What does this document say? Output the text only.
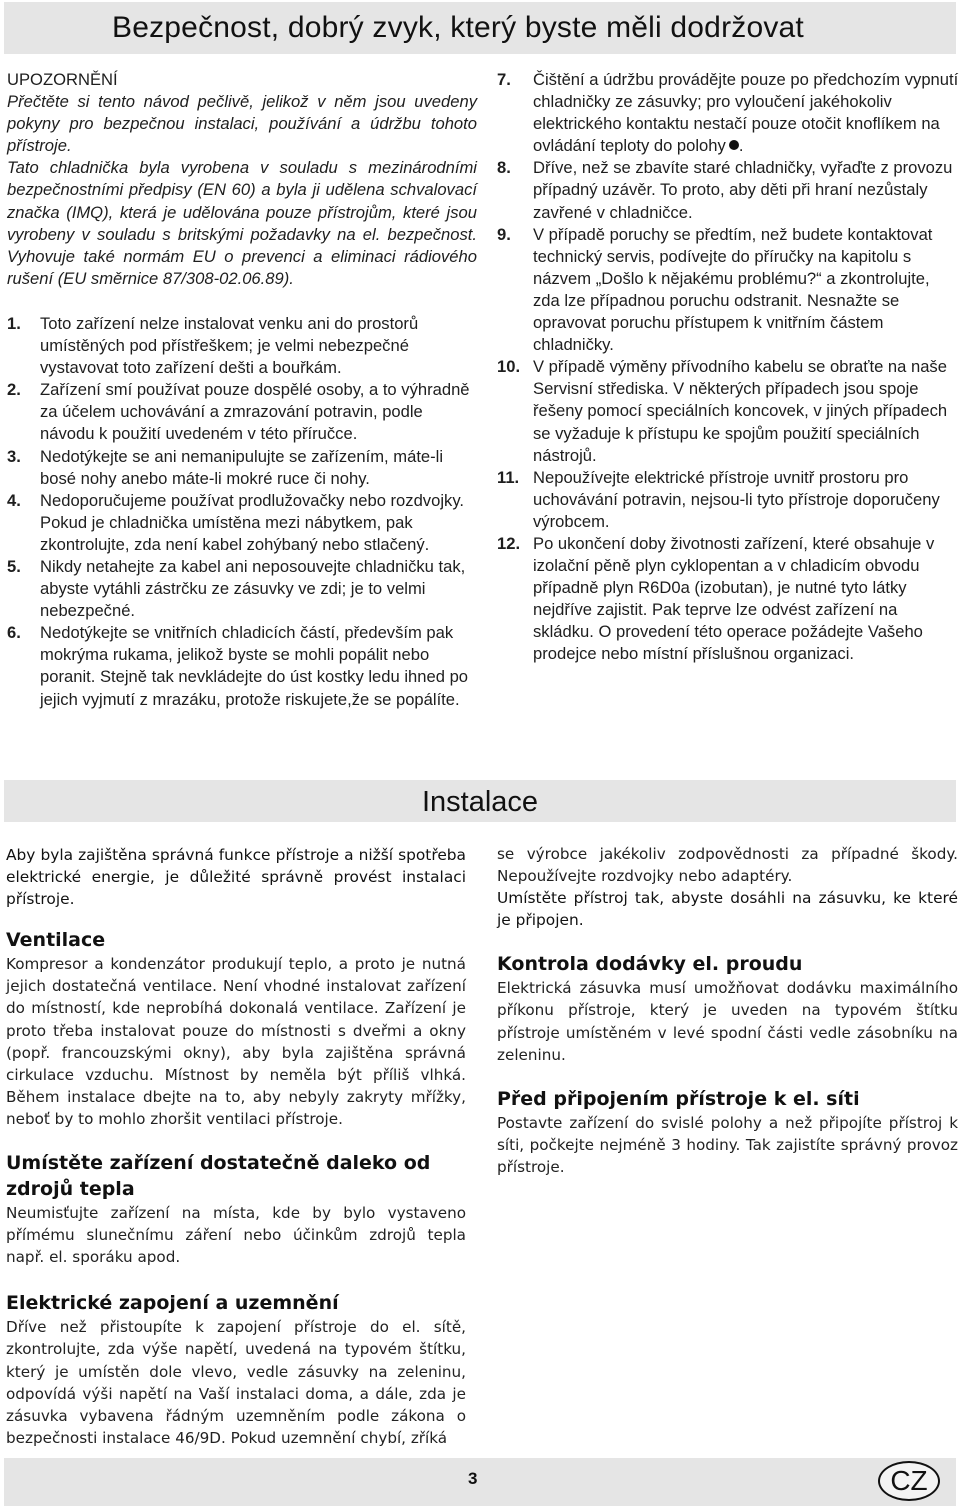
Bezpečnost, dobrý zvyk, který byste měli dodržovat
UPOZORNĚNÍ

Přečtěte si tento návod pečlivě, jelikož v něm jsou uvedeny pokyny pro bezpečnou instalaci, používání a údržbu tohoto přístroje.

Tato chladnička byla vyrobena v souladu s mezinárodními bezpečnostními předpisy (EN 60) a byla ji udělena schvalovací značka (IMQ), která je udělována pouze přístrojům, které jsou vyrobeny v souladu s britskými požadavky na el. bezpečnost. Vyhovuje také normám EU o prevenci a eliminaci rádiového rušení (EU směrnice 87/308-02.06.89).

1. Toto zařízení nelze instalovat venku ani do prostorů umístěných pod přístřeškem; je velmi nebezpečné vystavovat toto zařízení dešti a bouřkám.
2. Zařízení smí používat pouze dospělé osoby, a to výhradně za účelem uchovávání a zmrazování potravin, podle návodu k použití uvedeném v této příručce.
3. Nedotýkejte se ani nemanipulujte se zařízením, máte-li bosé nohy anebo máte-li mokré ruce či nohy.
4. Nedoporučujeme používat prodlužovačky nebo rozdvojky. Pokud je chladnička umístěna mezi nábytkem, pak zkontrolujte, zda není kabel zohýbaný nebo stlačený.
5. Nikdy netahejte za kabel ani neposouvejte chladničku tak, abyste vytáhli zástrčku ze zásuvky ve zdi; je to velmi nebezpečné.
6. Nedotýkejte se vnitřních chladicích částí, především pak mokrýma rukama, jelikož byste se mohli popálit nebo poranit. Stejně tak nevkládejte do úst kostky ledu ihned po jejich vyjmutí z mrazáku, protože riskujete,že se popálíte.
7. Čištění a údržbu provádějte pouze po předchozím vypnutí chladničky ze zásuvky; pro vyloučení jakéhokoliv elektrického kontaktu nestačí pouze otočit knoflíkem na ovládání teploty do polohy .
8. Dříve, než se zbavíte staré chladničky, vyřaďte z provozu případný uzávěr. To proto, aby děti při hraní nezůstaly zavřené v chladničce.
9. V případě poruchy se předtím, než budete kontaktovat technický servis, podívejte do příručky na kapitolu s názvem „Došlo k nějakému problému?“ a zkontrolujte, zda lze případnou poruchu odstranit. Nesnažte se opravovat poruchu přístupem k vnitřním částem chladničky.
10. V případě výměny přívodního kabelu se obraťte na naše Servisní střediska. V některých případech jsou spoje řešeny pomocí speciálních koncovek, v jiných případech se vyžaduje k přístupu ke spojům použití speciálních nástrojů.
11. Nepoužívejte elektrické přístroje uvnitř prostoru pro uchovávání potravin, nejsou-li tyto přístroje doporučeny výrobcem.
12. Po ukončení doby životnosti zařízení, které obsahuje v izolační pěně plyn cyklopentan a v chladicím obvodu případně plyn R6D0a (izobutan), je nutné tyto látky nejdříve zajistit. Pak teprve lze odvést zařízení na skládku. O provedení této operace požádejte Vašeho prodejce nebo místní příslušnou organizaci.
Instalace

Aby byla zajištěna správná funkce přístroje a nižší spotřeba elektrické energie, je důležité správně provést instalaci přístroje.

Ventilace

Kompresor a kondenzátor produkují teplo, a proto je nutná jejich dostatečná ventilace. Není vhodné instalovat zařízení do místností, kde neprobíhá dokonalá ventilace. Zařízení je proto třeba instalovat pouze do místnosti s dveřmi a okny (popř. francouzskými okny), aby byla zajištěna správná cirkulace vzduchu. Místnost by neměla být příliš vlhká. Během instalace dbejte na to, aby nebyly zakryty mřížky, neboť by to mohlo zhoršit ventilaci přístroje.

Umístěte zařízení dostatečně daleko od zdrojů tepla

Neumisťujte zařízení na místa, kde by bylo vystaveno přímému slunečnímu záření nebo účinkům zdrojů tepla např. el. sporáku apod.

Elektrické zapojení a uzemnění

Dříve než přistoupíte k zapojení přístroje do el. sítě, zkontrolujte, zda výše napětí, uvedená na typovém štítku, který je umístěn dole vlevo, vedle zásuvky na zeleninu, odpovídá výši napětí na Vaší instalaci doma, a dále, zda je zásuvka vybavena řádným uzemněním podle zákona o bezpečnosti instalace 46/9D. Pokud uzemnění chybí, zříká

se výrobce jakékoliv zodpovědnosti za případné škody. Nepoužívejte rozdvojky nebo adaptéry.

Umístěte přístroj tak, abyste dosáhli na zásuvku, ke které je připojen.

Kontrola dodávky el. proudu

Elektrická zásuvka musí umožňovat dodávku maximálního příkonu přístroje, který je uveden na typovém štítku přístroje umístěném v levé spodní části vedle zásobníku na zeleninu.

Před připojením přístroje k el. síti

Postavte zařízení do svislé polohy a než připojíte přístroj k síti, počkejte nejméně 3 hodiny. Tak zajistíte správný provoz přístroje.

3	CZ
